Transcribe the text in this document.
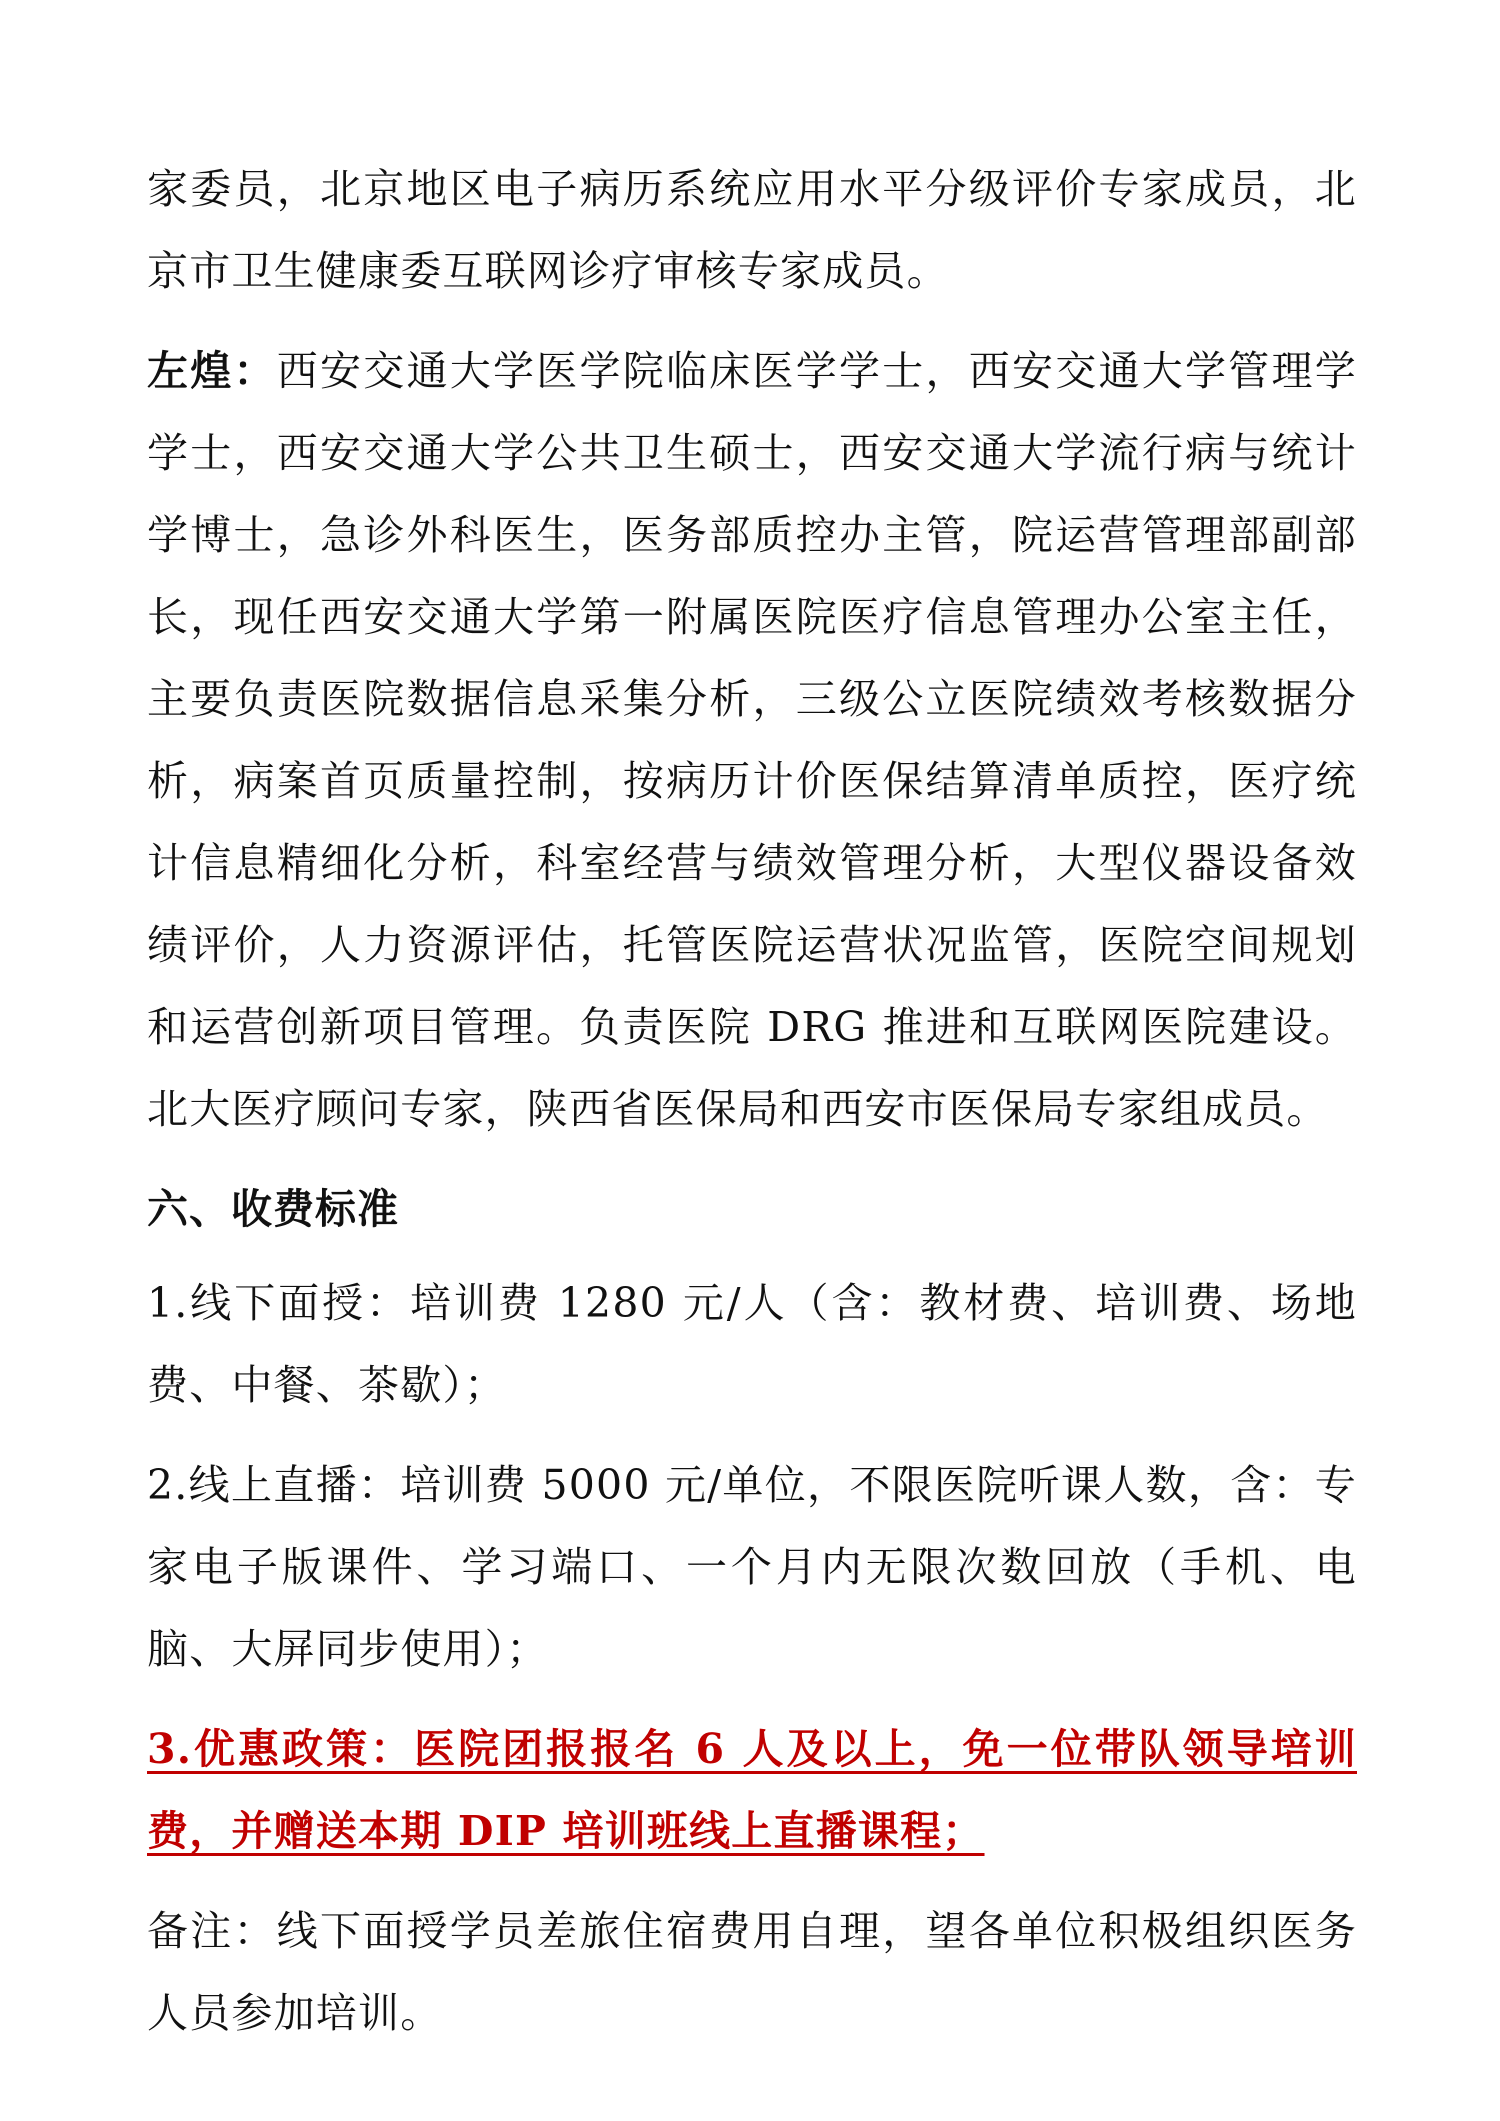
家委员，北京地区电子病历系统应用水平分级评价专家成员，北京市卫生健康委互联网诊疗审核专家成员。

左煌：西安交通大学医学院临床医学学士，西安交通大学管理学学士，西安交通大学公共卫生硕士，西安交通大学流行病与统计学博士，急诊外科医生，医务部质控办主管，院运营管理部副部长，现任西安交通大学第一附属医院医疗信息管理办公室主任，主要负责医院数据信息采集分析，三级公立医院绩效考核数据分析，病案首页质量控制，按病历计价医保结算清单质控，医疗统计信息精细化分析，科室经营与绩效管理分析，大型仪器设备效绩评价，人力资源评估，托管医院运营状况监管，医院空间规划和运营创新项目管理。负责医院 DRG 推进和互联网医院建设。北大医疗顾问专家，陕西省医保局和西安市医保局专家组成员。

六、收费标准

1.线下面授：培训费 1280 元/人（含：教材费、培训费、场地费、中餐、茶歇）；

2.线上直播：培训费 5000 元/单位，不限医院听课人数，含：专家电子版课件、学习端口、一个月内无限次数回放（手机、电脑、大屏同步使用）；

3.优惠政策：医院团报报名 6 人及以上，免一位带队领导培训费，并赠送本期 DIP 培训班线上直播课程；

备注：线下面授学员差旅住宿费用自理，望各单位积极组织医务人员参加培训。
